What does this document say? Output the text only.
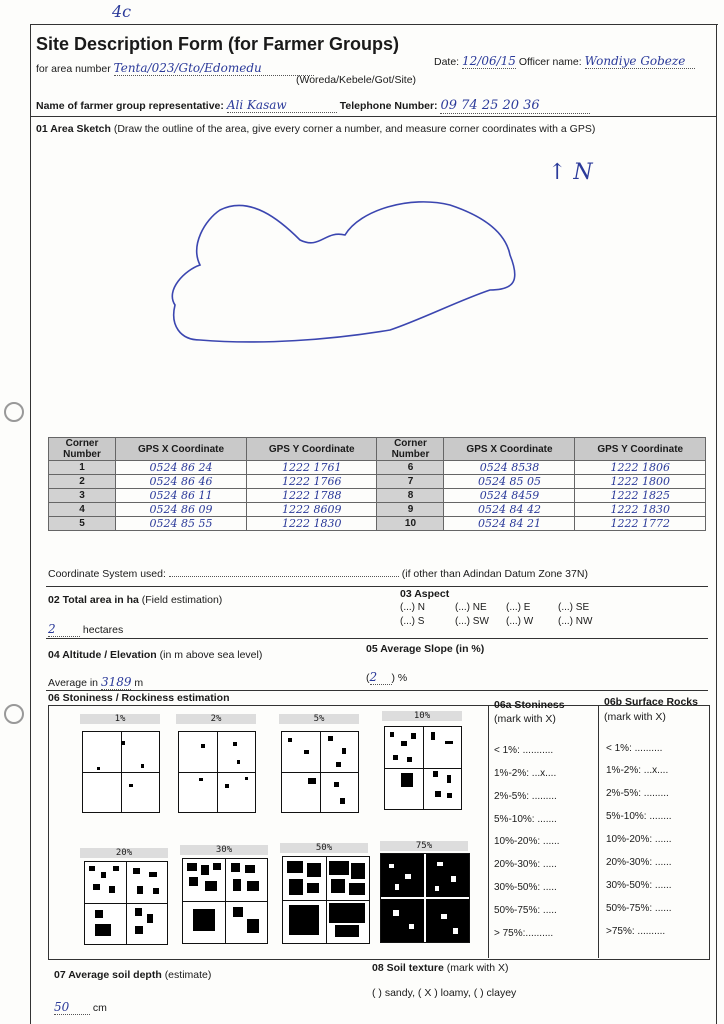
4c
Site Description Form (for Farmer Groups)
for area number Tenta/023/Gto/Edomedu
(Woreda/Kebele/Got/Site)
Date: 12/06/15 Officer name: Wondiye Gobeze
Name of farmer group representative: Ali Kasaw	Telephone Number: 09 74 25 20 36
01 Area Sketch (Draw the outline of the area, give every corner a number, and measure corner coordinates with a GPS)
↑ N
Corner Number	GPS X Coordinate	GPS Y Coordinate	Corner Number	GPS X Coordinate	GPS Y Coordinate
1	0524 86 24	1222 1761	6	0524 8538	1222 1806
2	0524 86 46	1222 1766	7	0524 85 05	1222 1800
3	0524 86 11	1222 1788	8	0524 8459	1222 1825
4	0524 86 09	1222 8609	9	0524 84 42	1222 1830
5	0524 85 55	1222 1830	10	0524 84 21	1222 1772
Coordinate System used:	(if other than Adindan Datum Zone 37N)
02 Total area in ha (Field estimation)
2	hectares
03 Aspect
(...) N	(...) NE (...) E	(...) SE
(...) S	(...) SW (...) W (...) NW
04 Altitude / Elevation (in m above sea level)
Average in 3189 m
05 Average Slope (in %)
(2 ) %
06 Stoniness / Rockiness estimation
1%	2%	5%	10%
20%	30%	50%	75%
06a Stoniness
(mark with X)
< 1%: ...........
1%-2%: ...x....
2%-5%: .........
5%-10%: .......
10%-20%: ......
20%-30%: .....
30%-50%: .....
50%-75%: .....
> 75%:..........
06b Surface Rocks
(mark with X)
< 1%: ..........
1%-2%: ...x....
2%-5%: .........
5%-10%: ........
10%-20%: ......
20%-30%: ......
30%-50%: ......
50%-75%: ......
>75%: ..........
07 Average soil depth (estimate)
50 cm
08 Soil texture (mark with X)
( ) sandy, ( X ) loamy, ( ) clayey
